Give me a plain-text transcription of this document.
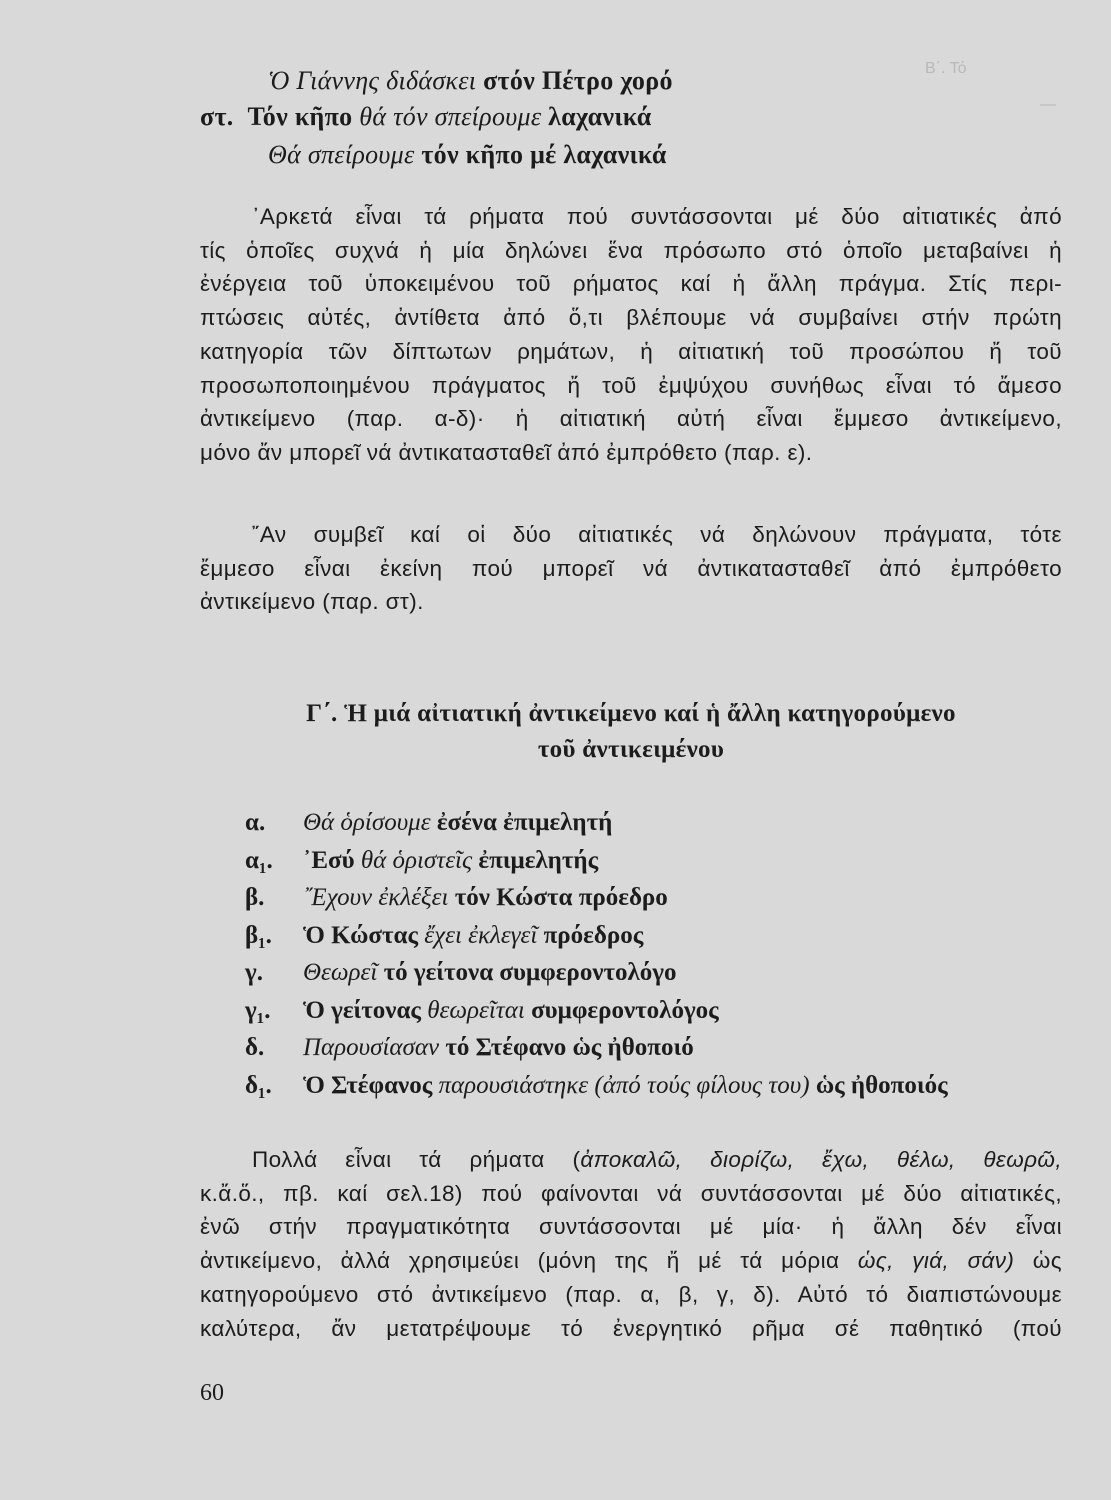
B΄. Τό
—
Ὁ Γιάννης διδάσκει στόν Πέτρο χορό
στ. Τόν κῆπο θά τόν σπείρουμε λαχανικά
Θά σπείρουμε τόν κῆπο μέ λαχανικά
᾿Αρκετά εἶναι τά ρήματα πού συντάσσονται μέ δύο αἰτιατικές ἀπό
τίς ὁποῖες συχνά ἡ μία δηλώνει ἕνα πρόσωπο στό ὁποῖο μεταβαίνει ἡ
ἐνέργεια τοῦ ὑποκειμένου τοῦ ρήματος καί ἡ ἄλλη πράγμα. Στίς περι-
πτώσεις αὐτές, ἀντίθετα ἀπό ὅ,τι βλέπουμε νά συμβαίνει στήν πρώτη
κατηγορία τῶν δίπτωτων ρημάτων, ἡ αἰτιατική τοῦ προσώπου ἤ τοῦ
προσωποποιημένου πράγματος ἤ τοῦ ἐμψύχου συνήθως εἶναι τό ἄμεσο
ἀντικείμενο (παρ. α-δ)· ἡ αἰτιατική αὐτή εἶναι ἔμμεσο ἀντικείμενο,
μόνο ἄν μπορεῖ νά ἀντικατασταθεῖ ἀπό ἐμπρόθετο (παρ. ε).
῎Αν συμβεῖ καί οἱ δύο αἰτιατικές νά δηλώνουν πράγματα, τότε
ἔμμεσο εἶναι ἐκείνη πού μπορεῖ νά ἀντικατασταθεῖ ἀπό ἐμπρόθετο
ἀντικείμενο (παρ. στ).
Γ΄. Ἡ μιά αἰτιατική ἀντικείμενο καί ἡ ἄλλη κατηγορούμενο
τοῦ ἀντικειμένου
α.	Θά ὁρίσουμε ἐσένα ἐπιμελητή
α₁.	᾿Εσύ θά ὁριστεῖς ἐπιμελητής
β.	῎Εχουν ἐκλέξει τόν Κώστα πρόεδρο
β₁.	Ὁ Κώστας ἔχει ἐκλεγεῖ πρόεδρος
γ.	Θεωρεῖ τό γείτονα συμφεροντολόγο
γ₁.	Ὁ γείτονας θεωρεῖται συμφεροντολόγος
δ.	Παρουσίασαν τό Στέφανο ὡς ἠθοποιό
δ₁.	Ὁ Στέφανος παρουσιάστηκε (ἀπό τούς φίλους του) ὡς ἠθοποιός
Πολλά εἶναι τά ρήματα (ἀποκαλῶ, διορίζω, ἔχω, θέλω, θεωρῶ,
κ.ἄ.ὅ., πβ. καί σελ.18) πού φαίνονται νά συντάσσονται μέ δύο αἰτιατικές,
ἐνῶ στήν πραγματικότητα συντάσσονται μέ μία· ἡ ἄλλη δέν εἶναι
ἀντικείμενο, ἀλλά χρησιμεύει (μόνη της ἤ μέ τά μόρια ὡς, γιά, σάν) ὡς
κατηγορούμενο στό ἀντικείμενο (παρ. α, β, γ, δ). Αὐτό τό διαπιστώνουμε
καλύτερα, ἄν μετατρέψουμε τό ἐνεργητικό ρῆμα σέ παθητικό (πού
60
